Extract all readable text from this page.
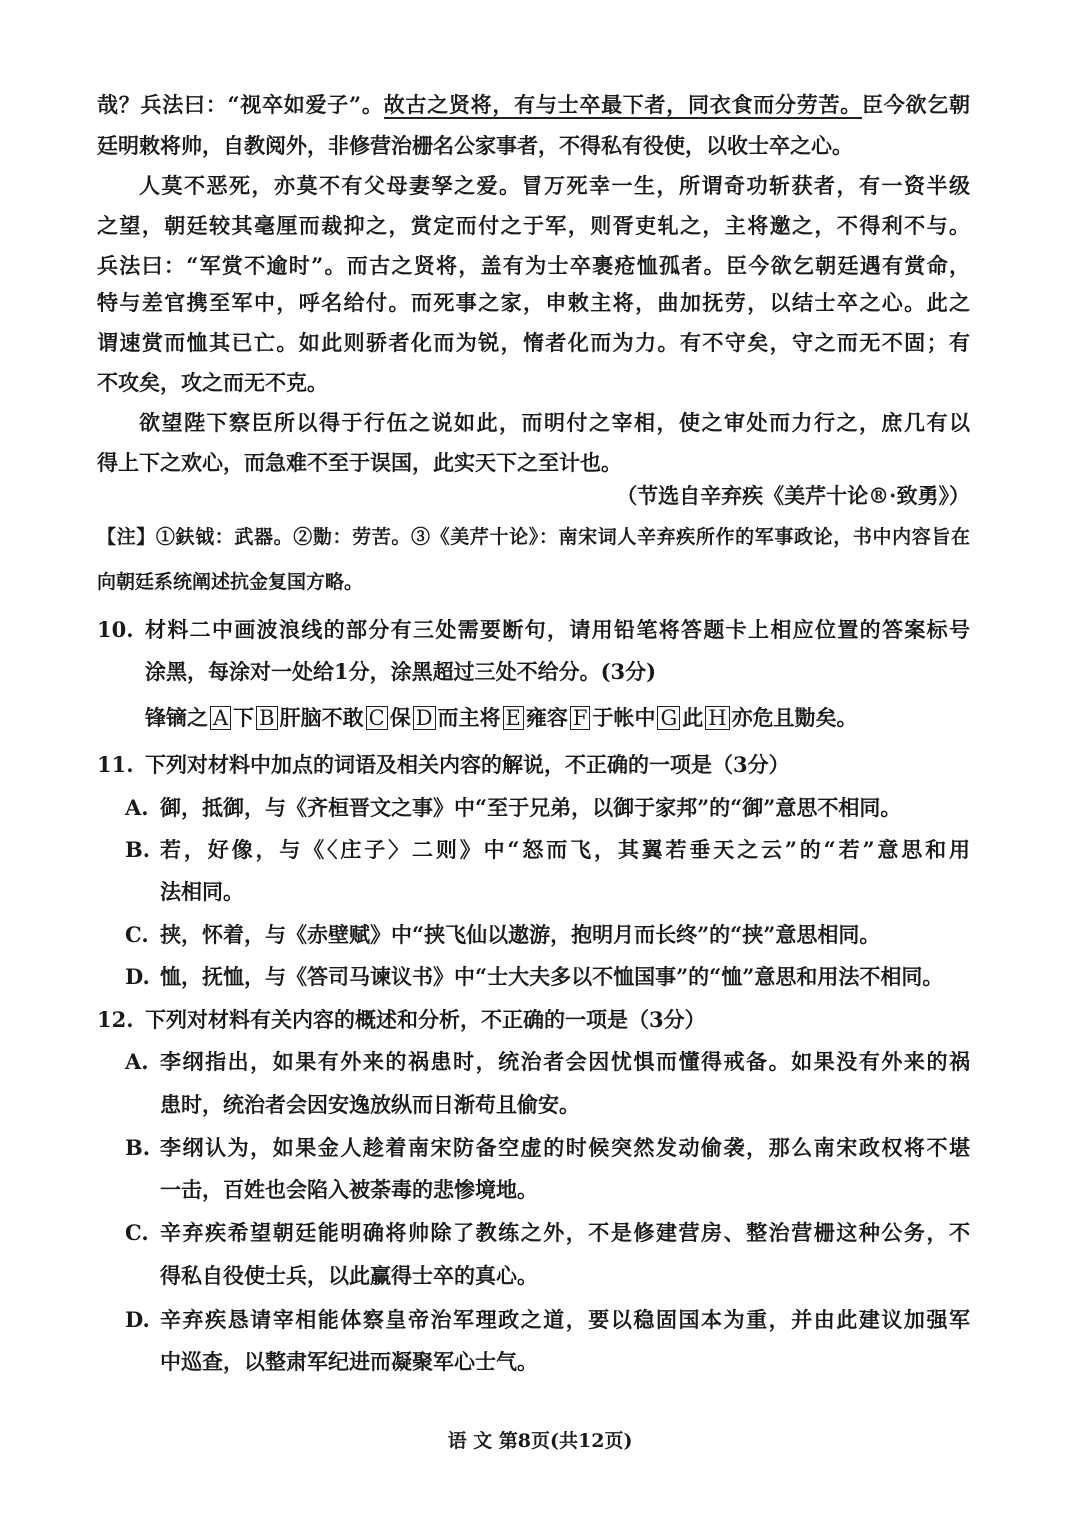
哉？兵法曰：“视卒如爱子”。故古之贤将，有与士卒最下者，同衣食而分劳苦。臣今欲乞朝
廷明敕将帅，自教阅外，非修营治栅名公家事者，不得私有役使，以收士卒之心。
人莫不恶死，亦莫不有父母妻孥之爱。冒万死幸一生，所谓奇功斩获者，有一资半级
之望，朝廷较其毫厘而裁抑之，赏定而付之于军，则胥吏轧之，主将邀之，不得利不与。
兵法曰：“军赏不逾时”。而古之贤将，盖有为士卒裹疮恤孤者。臣今欲乞朝廷遇有赏命，
特与差官携至军中，呼名给付。而死事之家，申敕主将，曲加抚劳，以结士卒之心。此之
谓速赏而恤其已亡。如此则骄者化而为锐，惰者化而为力。有不守矣，守之而无不固；有
不攻矣，攻之而无不克。
欲望陛下察臣所以得于行伍之说如此，而明付之宰相，使之审处而力行之，庶几有以
得上下之欢心，而急难不至于误国，此实天下之至计也。
（节选自辛弃疾《美芹十论®·致勇》）
【注】①鈇钺：武器。②勚：劳苦。③《美芹十论》：南宋词人辛弃疾所作的军事政论，书中内容旨在
向朝廷系统阐述抗金复国方略。
10. 材料二中画波浪线的部分有三处需要断句，请用铅笔将答题卡上相应位置的答案标号
涂黑，每涂对一处给1分，涂黑超过三处不给分。(3分)
锋镝之 A 下 B 肝脑不敢 C 保 D 而主将 E 雍容 F 于帐中 G 此 H 亦危且勚矣。
11. 下列对材料中加点的词语及相关内容的解说，不正确的一项是（3分）
A. 御，抵御，与《齐桓晋文之事》中“至于兄弟，以御于家邦”的“御”意思不相同。
B. 若，好像，与《〈庄子〉二则》中“怒而飞，其翼若垂天之云”的“若”意思和用
法相同。
C. 挟，怀着，与《赤壁赋》中“挟飞仙以遨游，抱明月而长终”的“挟”意思相同。
D. 恤，抚恤，与《答司马谏议书》中“士大夫多以不恤国事”的“恤”意思和用法不相同。
12. 下列对材料有关内容的概述和分析，不正确的一项是（3分）
A. 李纲指出，如果有外来的祸患时，统治者会因忧惧而懂得戒备。如果没有外来的祸
患时，统治者会因安逸放纵而日渐苟且偷安。
B. 李纲认为，如果金人趁着南宋防备空虚的时候突然发动偷袭，那么南宋政权将不堪
一击，百姓也会陷入被荼毒的悲惨境地。
C. 辛弃疾希望朝廷能明确将帅除了教练之外，不是修建营房、整治营栅这种公务，不
得私自役使士兵，以此赢得士卒的真心。
D. 辛弃疾恳请宰相能体察皇帝治军理政之道，要以稳固国本为重，并由此建议加强军
中巡查，以整肃军纪进而凝聚军心士气。
语 文 第8页(共12页)
